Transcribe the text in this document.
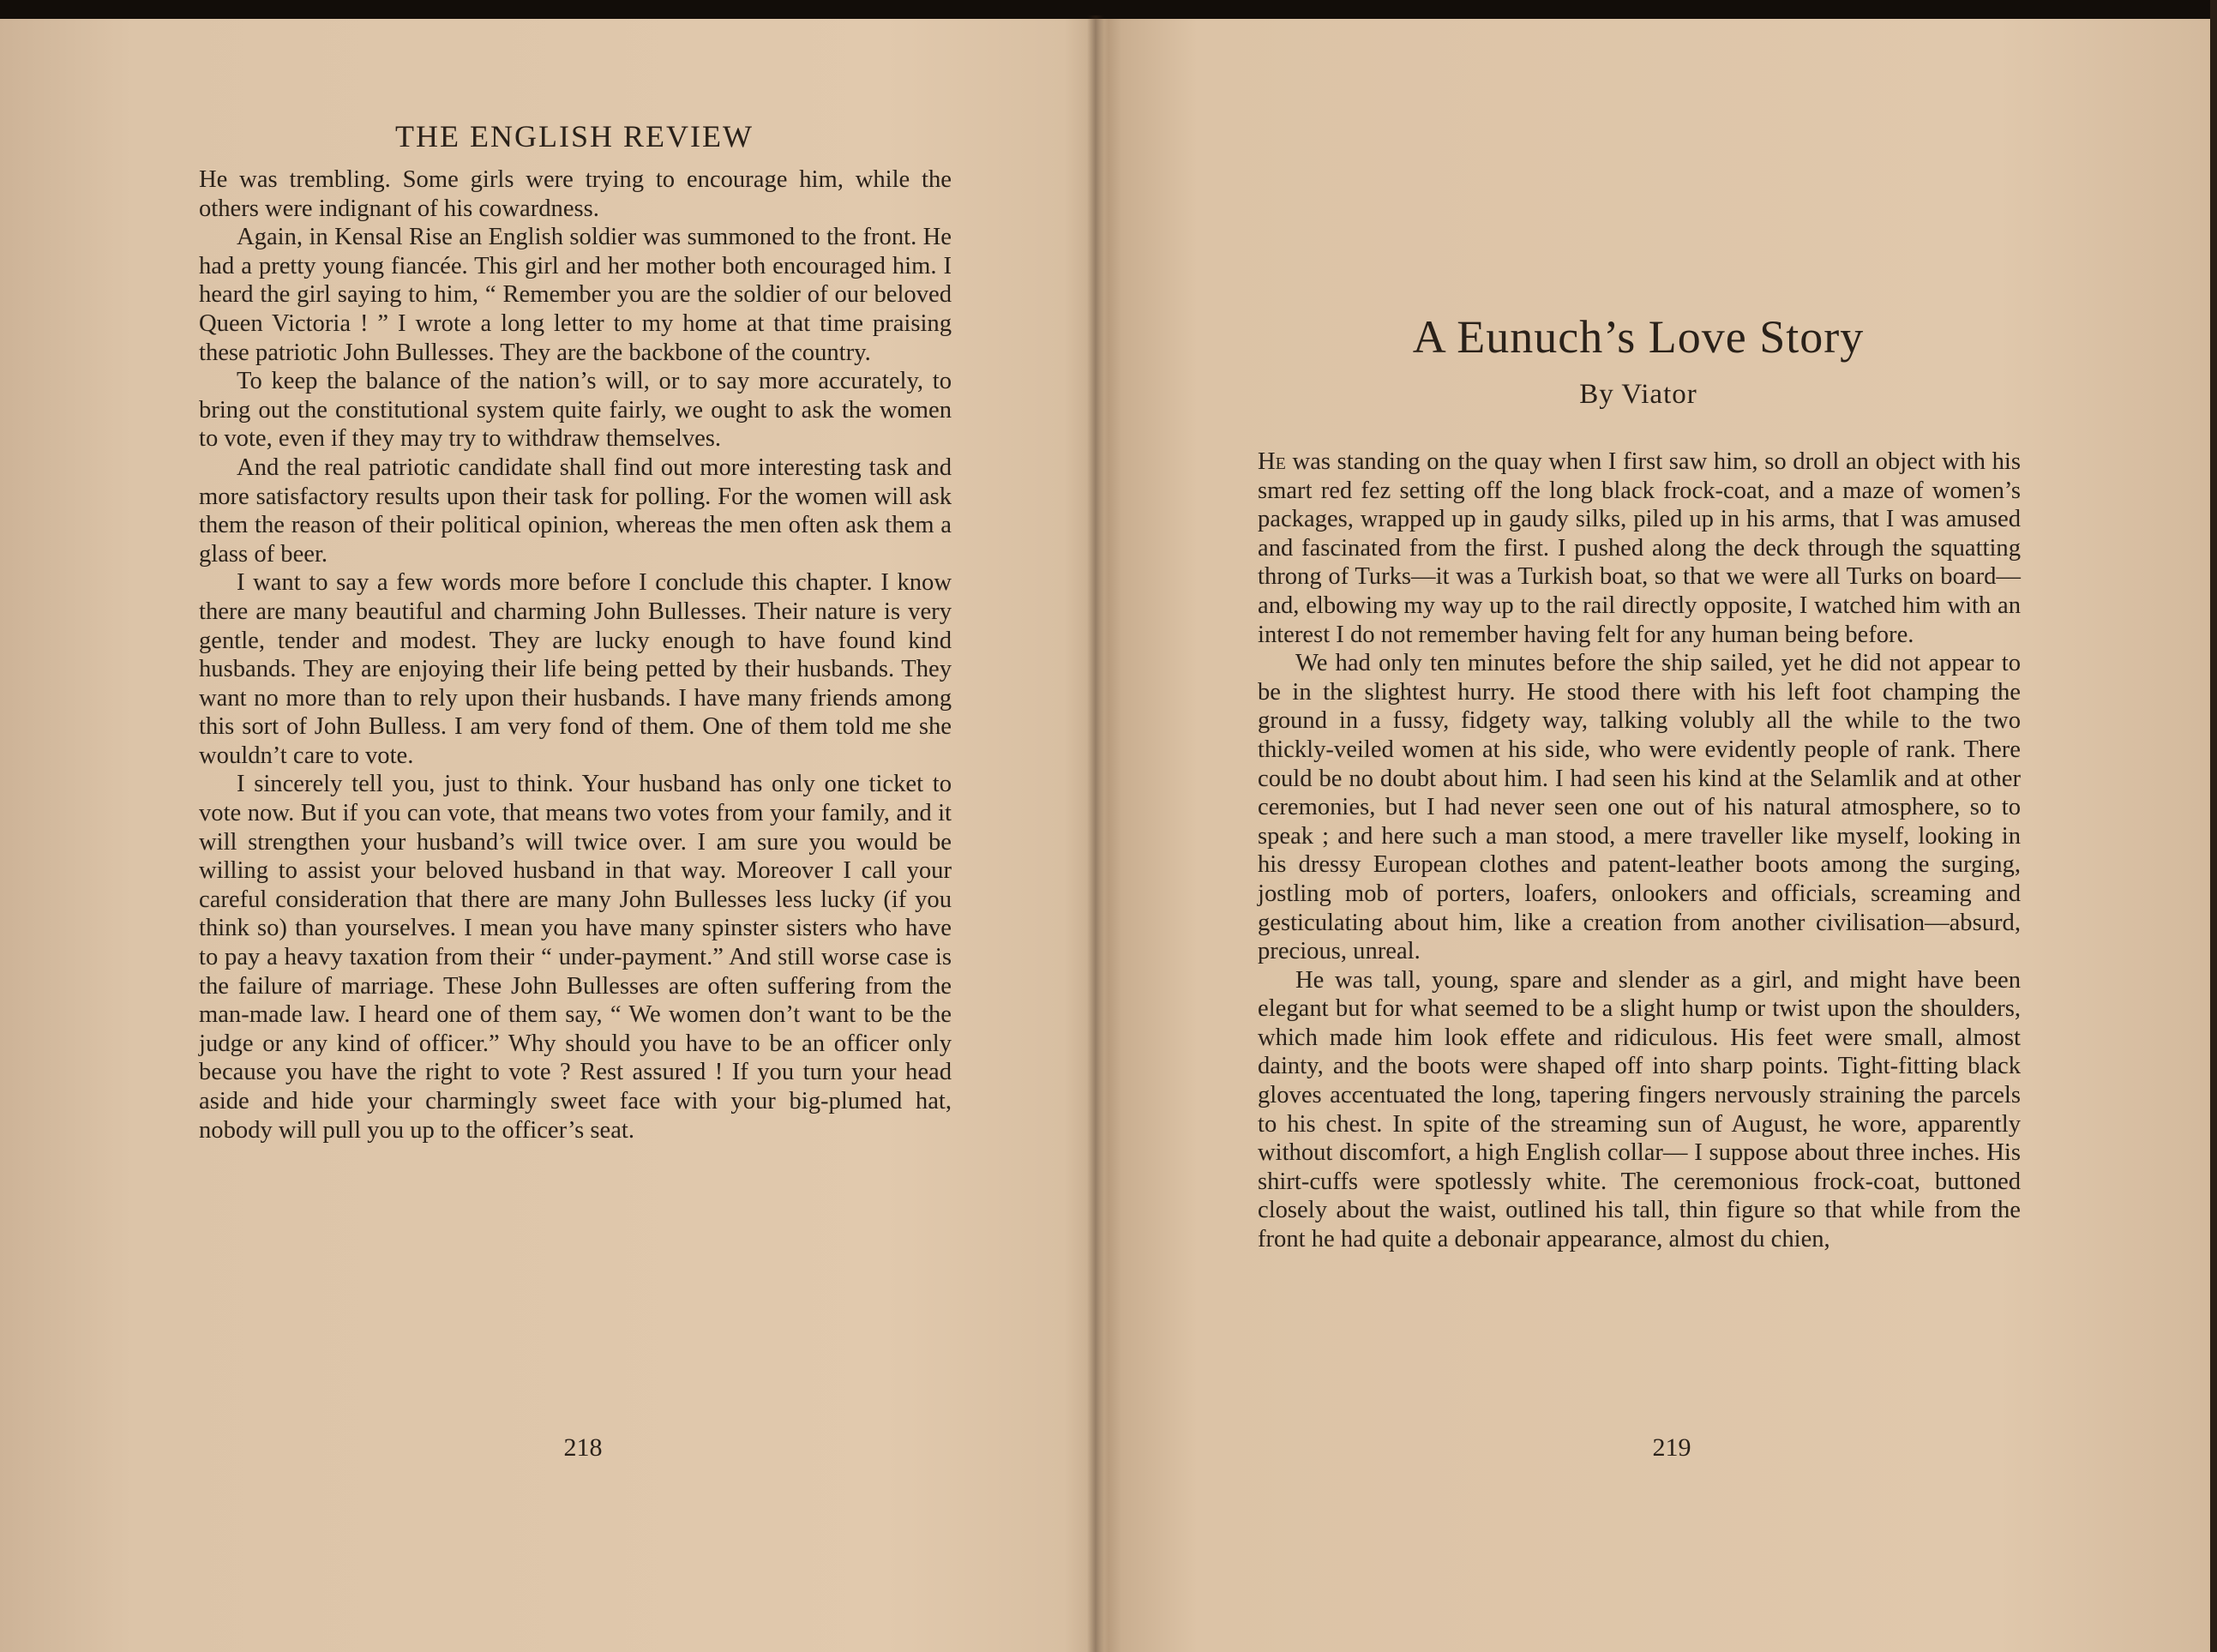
THE ENGLISH REVIEW

He was trembling. Some girls were trying to encourage him, while the others were indignant of his cowardness.

Again, in Kensal Rise an English soldier was summoned to the front. He had a pretty young fiancée. This girl and her mother both encouraged him. I heard the girl saying to him, “ Remember you are the soldier of our beloved Queen Victoria ! ” I wrote a long letter to my home at that time praising these patriotic John Bullesses. They are the backbone of the country.

To keep the balance of the nation’s will, or to say more accurately, to bring out the constitutional system quite fairly, we ought to ask the women to vote, even if they may try to withdraw themselves.

And the real patriotic candidate shall find out more interesting task and more satisfactory results upon their task for polling. For the women will ask them the reason of their political opinion, whereas the men often ask them a glass of beer.

I want to say a few words more before I conclude this chapter. I know there are many beautiful and charming John Bullesses. Their nature is very gentle, tender and modest. They are lucky enough to have found kind husbands. They are enjoying their life being petted by their husbands. They want no more than to rely upon their husbands. I have many friends among this sort of John Bulless. I am very fond of them. One of them told me she wouldn’t care to vote.

I sincerely tell you, just to think. Your husband has only one ticket to vote now. But if you can vote, that means two votes from your family, and it will strengthen your husband’s will twice over. I am sure you would be willing to assist your beloved husband in that way. Moreover I call your careful consideration that there are many John Bullesses less lucky (if you think so) than yourselves. I mean you have many spinster sisters who have to pay a heavy taxation from their “ under-payment.” And still worse case is the failure of marriage. These John Bullesses are often suffering from the man-made law. I heard one of them say, “ We women don’t want to be the judge or any kind of officer.” Why should you have to be an officer only because you have the right to vote ? Rest assured ! If you turn your head aside and hide your charmingly sweet face with your big-plumed hat, nobody will pull you up to the officer’s seat.

218
A Eunuch’s Love Story
By Viator

He was standing on the quay when I first saw him, so droll an object with his smart red fez setting off the long black frock-coat, and a maze of women’s packages, wrapped up in gaudy silks, piled up in his arms, that I was amused and fascinated from the first. I pushed along the deck through the squatting throng of Turks—it was a Turkish boat, so that we were all Turks on board—and, elbowing my way up to the rail directly opposite, I watched him with an interest I do not remember having felt for any human being before.

We had only ten minutes before the ship sailed, yet he did not appear to be in the slightest hurry. He stood there with his left foot champing the ground in a fussy, fidgety way, talking volubly all the while to the two thickly-veiled women at his side, who were evidently people of rank. There could be no doubt about him. I had seen his kind at the Selamlik and at other ceremonies, but I had never seen one out of his natural atmosphere, so to speak ; and here such a man stood, a mere traveller like myself, looking in his dressy European clothes and patent-leather boots among the surging, jostling mob of porters, loafers, onlookers and officials, screaming and gesticulating about him, like a creation from another civilisation—absurd, precious, unreal.

He was tall, young, spare and slender as a girl, and might have been elegant but for what seemed to be a slight hump or twist upon the shoulders, which made him look effete and ridiculous. His feet were small, almost dainty, and the boots were shaped off into sharp points. Tight-fitting black gloves accentuated the long, tapering fingers nervously straining the parcels to his chest. In spite of the streaming sun of August, he wore, apparently without discomfort, a high English collar— I suppose about three inches. His shirt-cuffs were spotlessly white. The ceremonious frock-coat, buttoned closely about the waist, outlined his tall, thin figure so that while from the front he had quite a debonair appearance, almost du chien,

219
